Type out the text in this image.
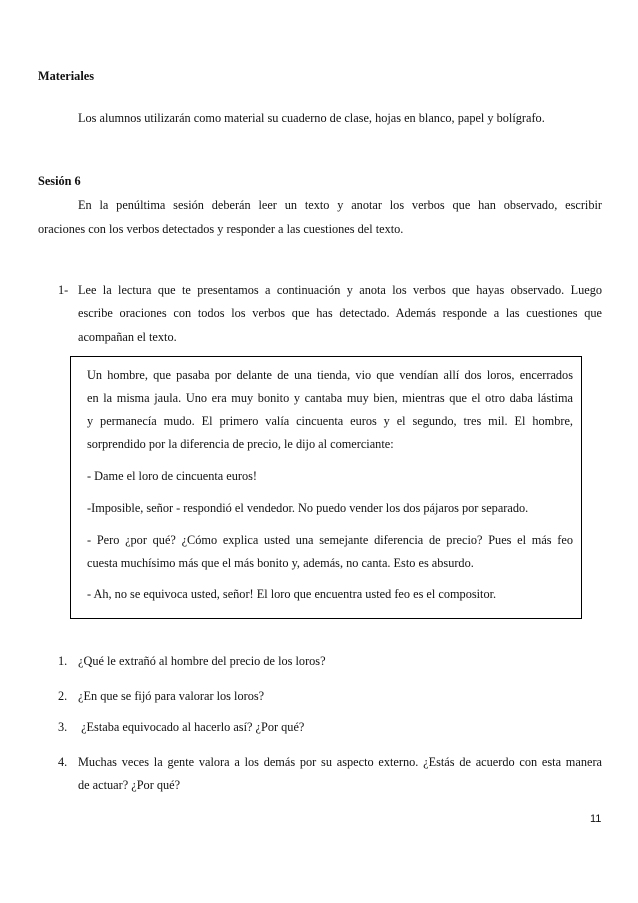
Materiales
Los alumnos utilizarán como material su cuaderno de clase, hojas en blanco, papel y bolígrafo.
Sesión 6
En la penúltima sesión deberán leer un texto y anotar los verbos que han observado, escribir
oraciones con los verbos detectados y responder a las cuestiones del texto.
1- Lee la lectura que te presentamos a continuación y anota los verbos que hayas observado. Luego
escribe oraciones con todos los verbos que has detectado. Además responde a las cuestiones que
acompañan el texto.
Un hombre, que pasaba por delante de una tienda, vio que vendían allí dos loros, encerrados
en la misma jaula. Uno era muy bonito y cantaba muy bien, mientras que el otro daba lástima
y permanecía mudo. El primero valía cincuenta euros y el segundo, tres mil. El hombre,
sorprendido por la diferencia de precio, le dijo al comerciante:
- Dame el loro de cincuenta euros!
-Imposible, señor - respondió el vendedor. No puedo vender los dos pájaros por separado.
- Pero ¿por qué? ¿Cómo explica usted una semejante diferencia de precio? Pues el más feo
cuesta muchísimo más que el más bonito y, además, no canta. Esto es absurdo.
- Ah, no se equivoca usted, señor! El loro que encuentra usted feo es el compositor.
1. ¿Qué le extrañó al hombre del precio de los loros?
2. ¿En que se fijó para valorar los loros?
3. ¿Estaba equivocado al hacerlo así? ¿Por qué?
4. Muchas veces la gente valora a los demás por su aspecto externo. ¿Estás de acuerdo con esta manera
de actuar? ¿Por qué?
11
